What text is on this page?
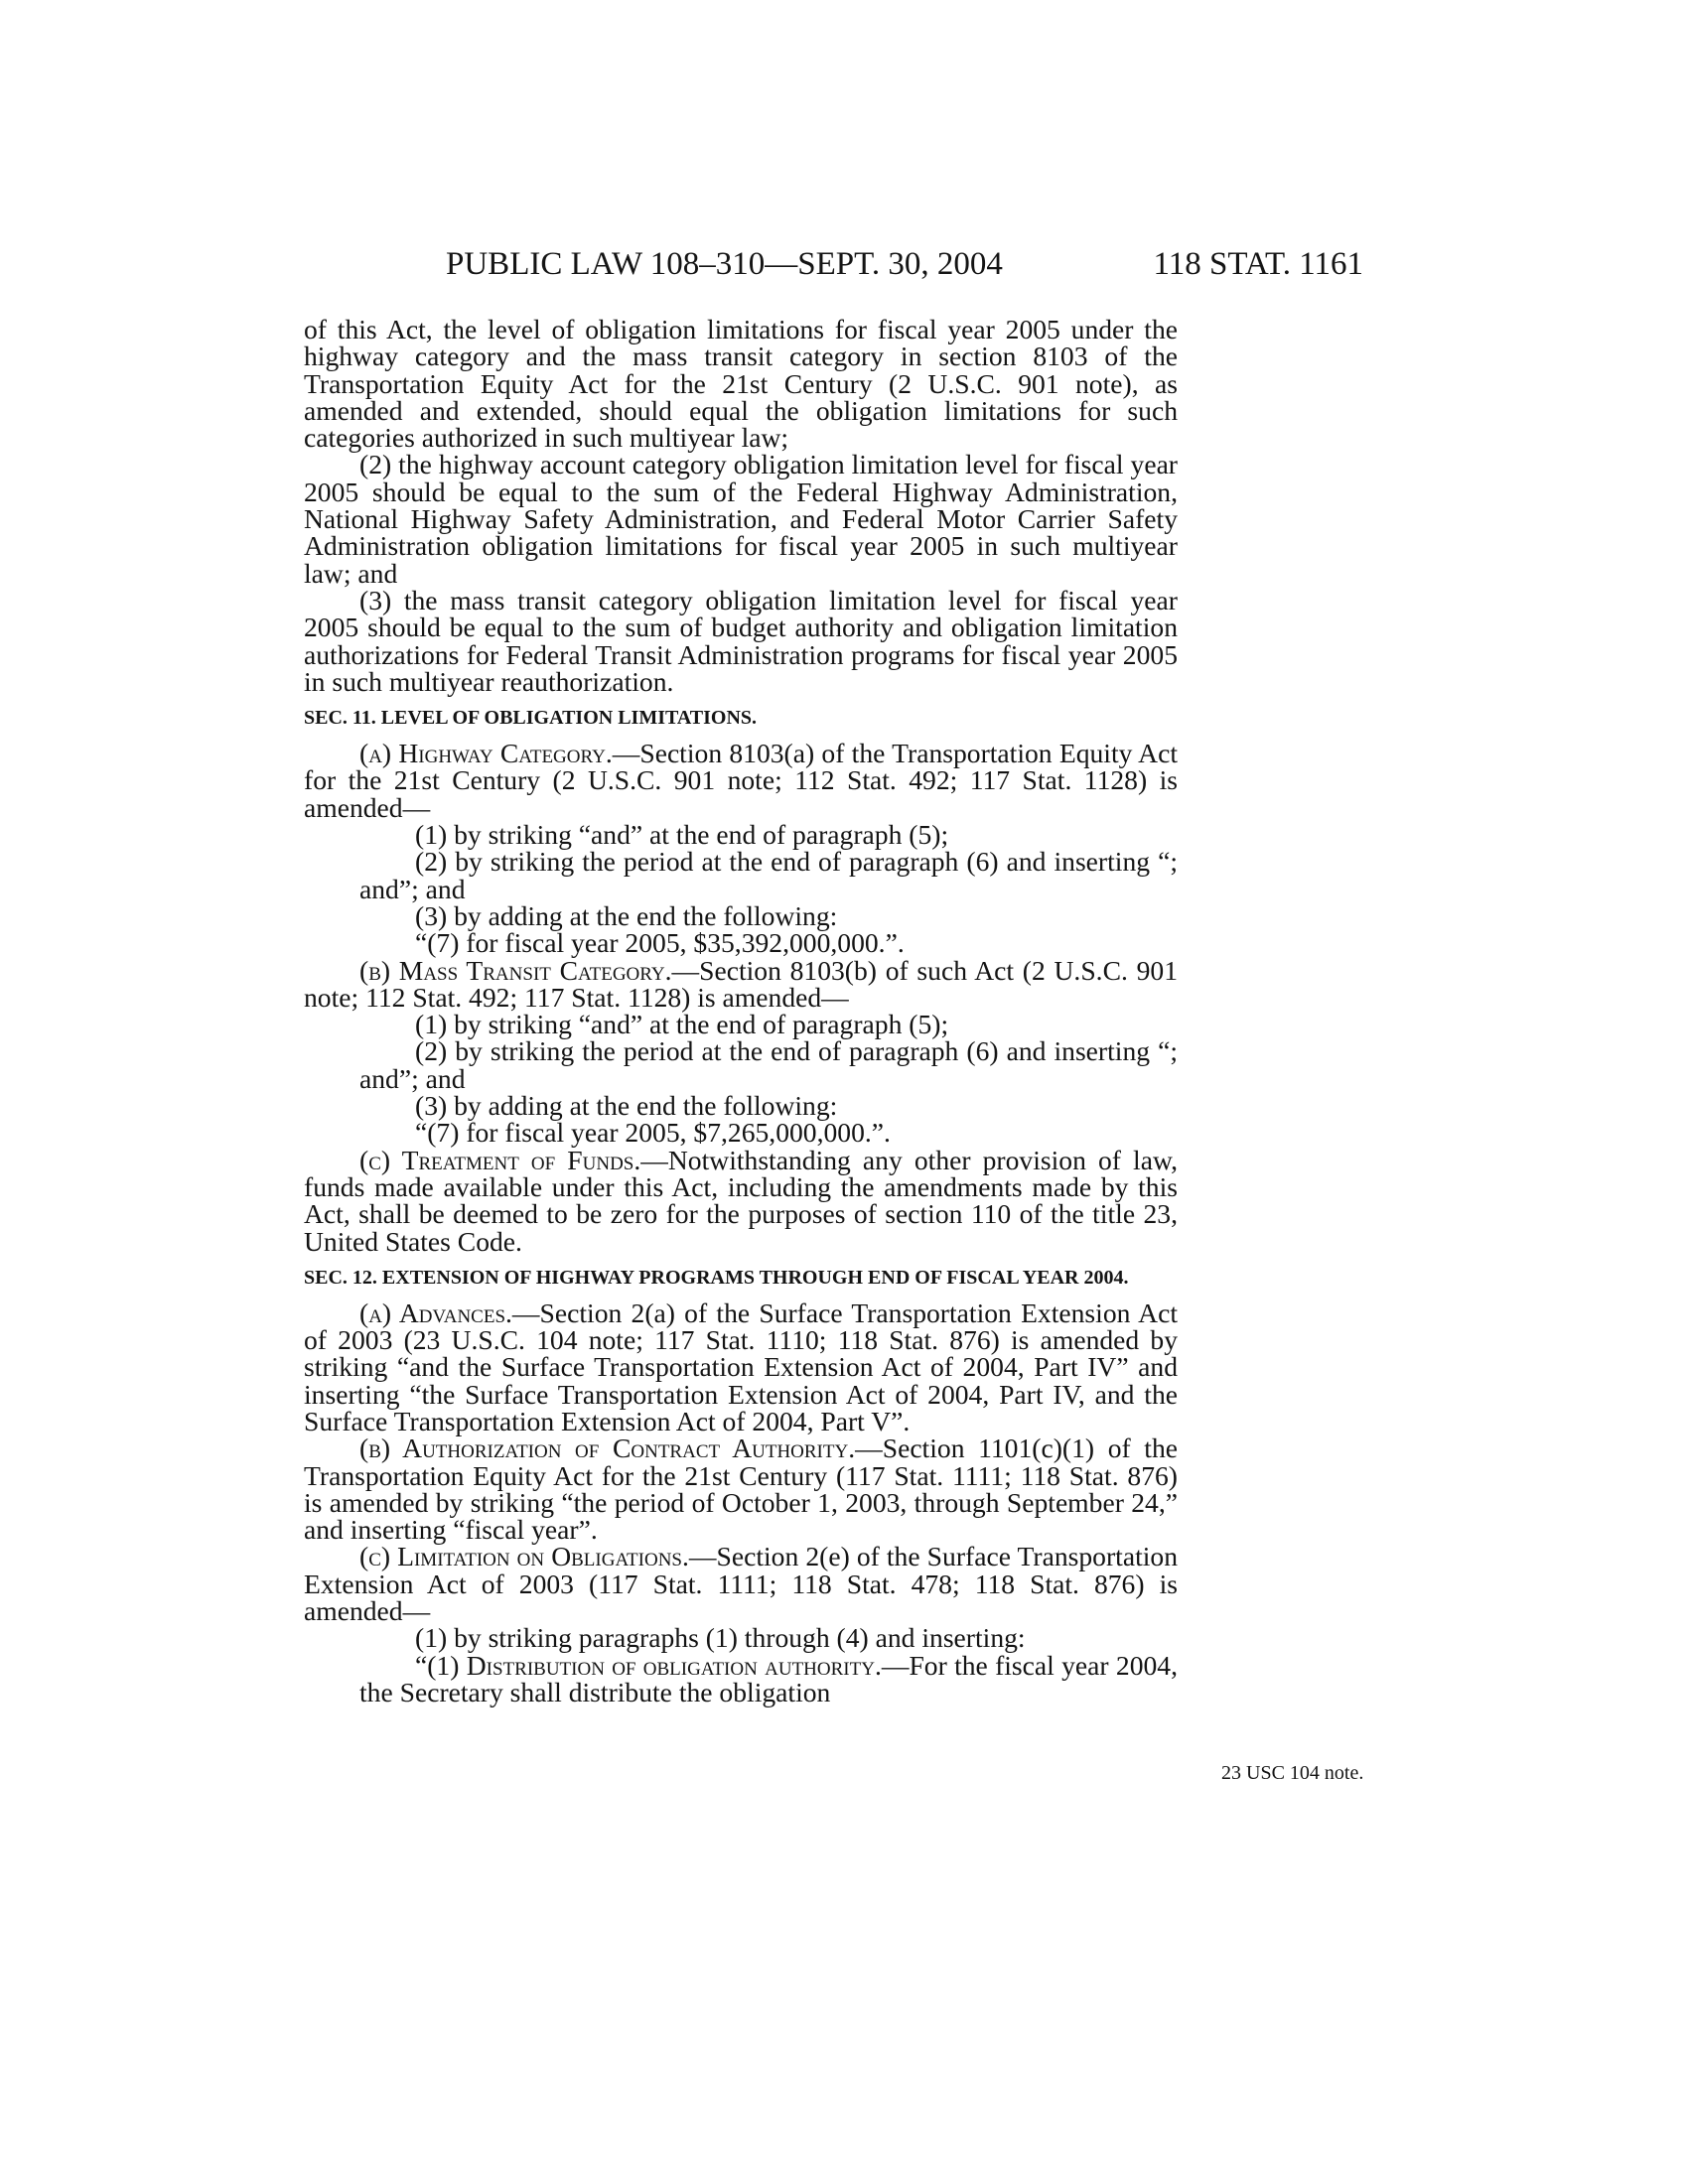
PUBLIC LAW 108–310—SEPT. 30, 2004	118 STAT. 1161

of this Act, the level of obligation limitations for fiscal year 2005 under the highway category and the mass transit category in section 8103 of the Transportation Equity Act for the 21st Century (2 U.S.C. 901 note), as amended and extended, should equal the obligation limitations for such categories authorized in such multiyear law;

(2) the highway account category obligation limitation level for fiscal year 2005 should be equal to the sum of the Federal Highway Administration, National Highway Safety Administration, and Federal Motor Carrier Safety Administration obligation limitations for fiscal year 2005 in such multiyear law; and

(3) the mass transit category obligation limitation level for fiscal year 2005 should be equal to the sum of budget authority and obligation limitation authorizations for Federal Transit Administration programs for fiscal year 2005 in such multiyear reauthorization.

SEC. 11. LEVEL OF OBLIGATION LIMITATIONS.

(a) Highway Category.—Section 8103(a) of the Transportation Equity Act for the 21st Century (2 U.S.C. 901 note; 112 Stat. 492; 117 Stat. 1128) is amended—

(1) by striking “and” at the end of paragraph (5);

(2) by striking the period at the end of paragraph (6) and inserting “; and”; and

(3) by adding at the end the following:

“(7) for fiscal year 2005, $35,392,000,000.”.

(b) Mass Transit Category.—Section 8103(b) of such Act (2 U.S.C. 901 note; 112 Stat. 492; 117 Stat. 1128) is amended—

(1) by striking “and” at the end of paragraph (5);

(2) by striking the period at the end of paragraph (6) and inserting “; and”; and

(3) by adding at the end the following:

“(7) for fiscal year 2005, $7,265,000,000.”.

(c) Treatment of Funds.—Notwithstanding any other provision of law, funds made available under this Act, including the amendments made by this Act, shall be deemed to be zero for the purposes of section 110 of the title 23, United States Code.

SEC. 12. EXTENSION OF HIGHWAY PROGRAMS THROUGH END OF FISCAL YEAR 2004.

(a) Advances.—Section 2(a) of the Surface Transportation Extension Act of 2003 (23 U.S.C. 104 note; 117 Stat. 1110; 118 Stat. 876) is amended by striking “and the Surface Transportation Extension Act of 2004, Part IV” and inserting “the Surface Transportation Extension Act of 2004, Part IV, and the Surface Transportation Extension Act of 2004, Part V”.

(b) Authorization of Contract Authority.—Section 1101(c)(1) of the Transportation Equity Act for the 21st Century (117 Stat. 1111; 118 Stat. 876) is amended by striking “the period of October 1, 2003, through September 24,” and inserting “fiscal year”.

(c) Limitation on Obligations.—Section 2(e) of the Surface Transportation Extension Act of 2003 (117 Stat. 1111; 118 Stat. 478; 118 Stat. 876) is amended—

(1) by striking paragraphs (1) through (4) and inserting:

“(1) Distribution of obligation authority.—For the fiscal year 2004, the Secretary shall distribute the obligation

23 USC 104 note.
